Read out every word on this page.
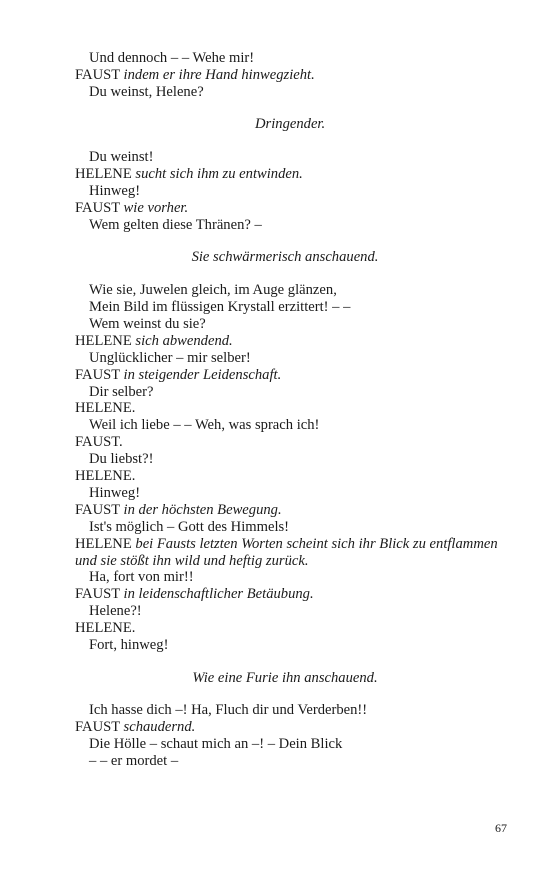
Und dennoch – – Wehe mir!
FAUST indem er ihre Hand hinwegzieht.
Du weinst, Helene?
Dringender.
Du weinst!
HELENE sucht sich ihm zu entwinden.
Hinweg!
FAUST wie vorher.
Wem gelten diese Thränen? –
Sie schwärmerisch anschauend.
Wie sie, Juwelen gleich, im Auge glänzen,
Mein Bild im flüssigen Krystall erzittert! – –
Wem weinst du sie?
HELENE sich abwendend.
Unglücklicher – mir selber!
FAUST in steigender Leidenschaft.
Dir selber?
HELENE.
Weil ich liebe – – Weh, was sprach ich!
FAUST.
Du liebst?!
HELENE.
Hinweg!
FAUST in der höchsten Bewegung.
Ist's möglich – Gott des Himmels!
HELENE bei Fausts letzten Worten scheint sich ihr Blick zu entflammen
und sie stößt ihn wild und heftig zurück.
Ha, fort von mir!!
FAUST in leidenschaftlicher Betäubung.
Helene?!
HELENE.
Fort, hinweg!
Wie eine Furie ihn anschauend.
Ich hasse dich –! Ha, Fluch dir und Verderben!!
FAUST schaudernd.
Die Hölle – schaut mich an –! – Dein Blick
– – er mordet –
67
